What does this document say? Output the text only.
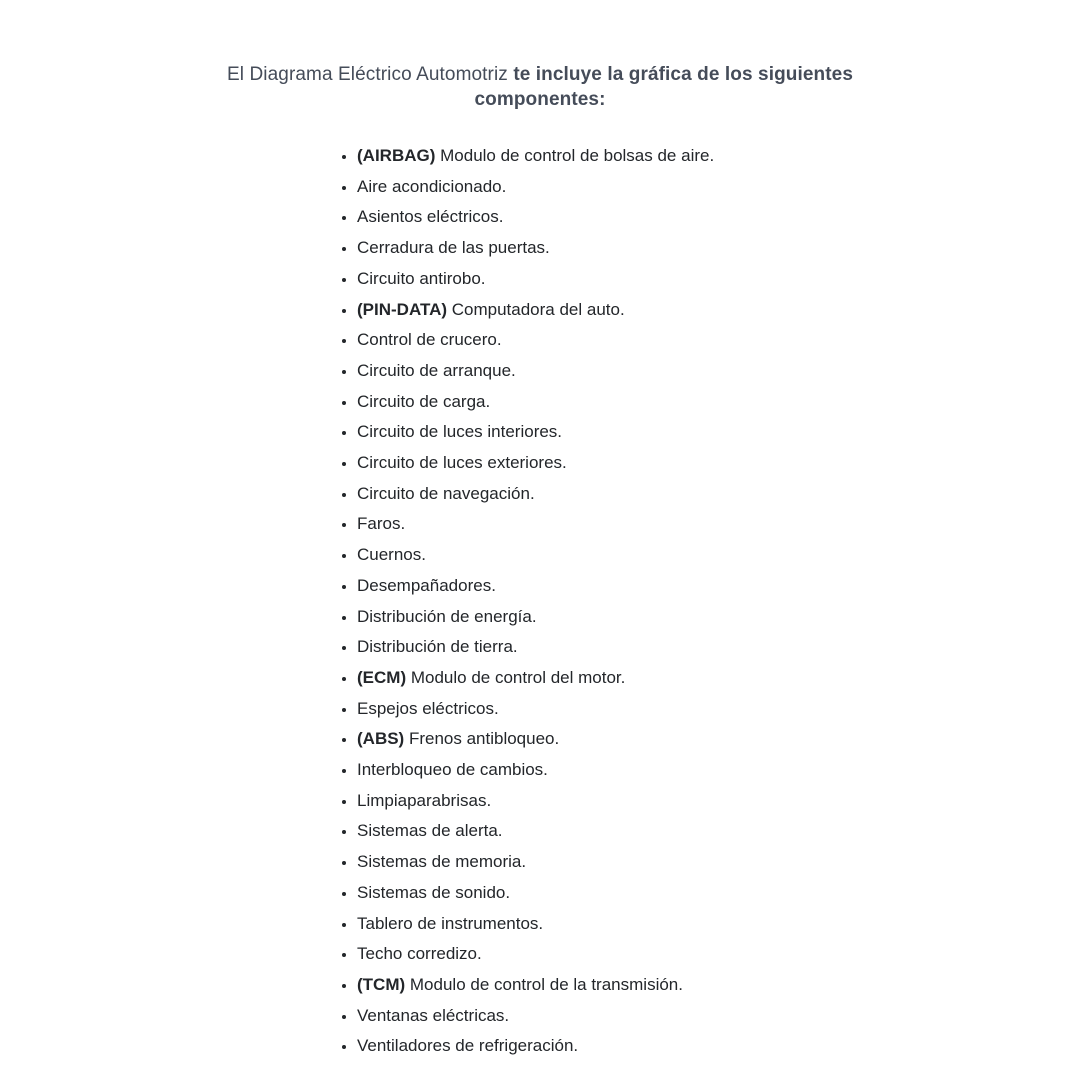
El Diagrama Eléctrico Automotriz te incluye la gráfica de los siguientes
componentes:
• (AIRBAG) Modulo de control de bolsas de aire.
• Aire acondicionado.
• Asientos eléctricos.
• Cerradura de las puertas.
• Circuito antirobo.
• (PIN-DATA) Computadora del auto.
• Control de crucero.
• Circuito de arranque.
• Circuito de carga.
• Circuito de luces interiores.
• Circuito de luces exteriores.
• Circuito de navegación.
• Faros.
• Cuernos.
• Desempañadores.
• Distribución de energía.
• Distribución de tierra.
• (ECM) Modulo de control del motor.
• Espejos eléctricos.
• (ABS) Frenos antibloqueo.
• Interbloqueo de cambios.
• Limpiaparabrisas.
• Sistemas de alerta.
• Sistemas de memoria.
• Sistemas de sonido.
• Tablero de instrumentos.
• Techo corredizo.
• (TCM) Modulo de control de la transmisión.
• Ventanas eléctricas.
• Ventiladores de refrigeración.
